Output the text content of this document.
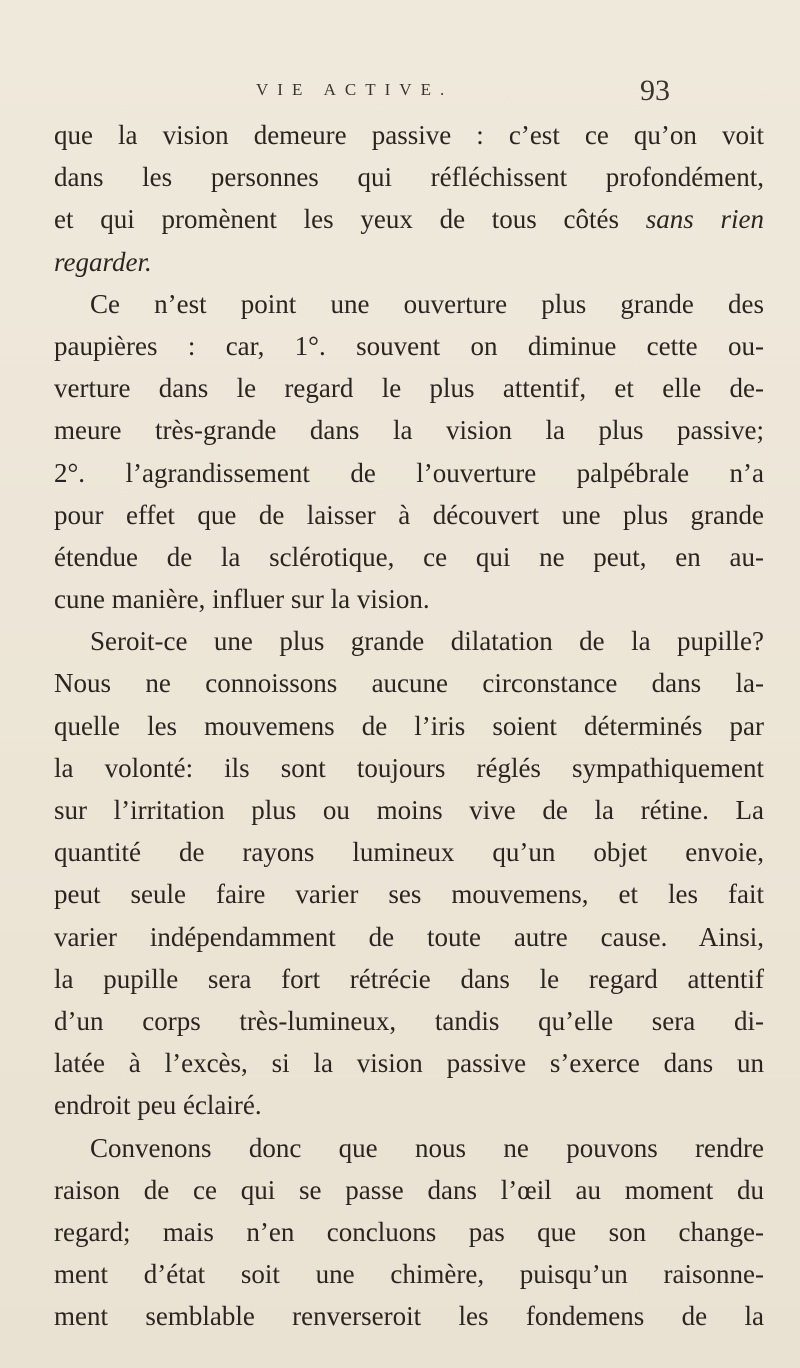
VIE ACTIVE.	93
que la vision demeure passive : c’est ce qu’on voit
dans les personnes qui réfléchissent profondément,
et qui promènent les yeux de tous côtés sans rien
regarder.
Ce n’est point une ouverture plus grande des
paupières : car, 1°. souvent on diminue cette ou-
verture dans le regard le plus attentif, et elle de-
meure très-grande dans la vision la plus passive;
2°. l’agrandissement de l’ouverture palpébrale n’a
pour effet que de laisser à découvert une plus grande
étendue de la sclérotique, ce qui ne peut, en au-
cune manière, influer sur la vision.
Seroit-ce une plus grande dilatation de la pupille?
Nous ne connoissons aucune circonstance dans la-
quelle les mouvemens de l’iris soient déterminés par
la volonté: ils sont toujours réglés sympathiquement
sur l’irritation plus ou moins vive de la rétine. La
quantité de rayons lumineux qu’un objet envoie,
peut seule faire varier ses mouvemens, et les fait
varier indépendamment de toute autre cause. Ainsi,
la pupille sera fort rétrécie dans le regard attentif
d’un corps très-lumineux, tandis qu’elle sera di-
latée à l’excès, si la vision passive s’exerce dans un
endroit peu éclairé.
Convenons donc que nous ne pouvons rendre
raison de ce qui se passe dans l’œil au moment du
regard; mais n’en concluons pas que son change-
ment d’état soit une chimère, puisqu’un raisonne-
ment semblable renverseroit les fondemens de la
